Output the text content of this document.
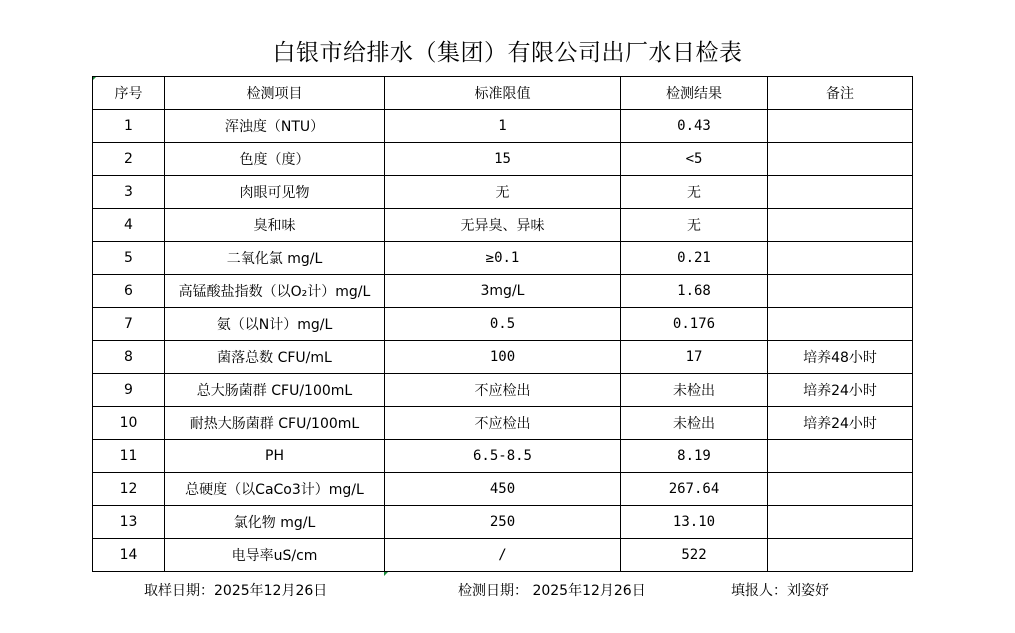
白银市给排水（集团）有限公司出厂水日检表
序号	检测项目	标准限值	检测结果	备注
1	浑浊度（NTU）	1	0.43	
2	色度（度）	15	<5	
3	肉眼可见物	无	无	
4	臭和味	无异臭、异味	无	
5	二氧化氯 mg/L	≥0.1	0.21	
6	高锰酸盐指数（以O₂计）mg/L	3mg/L	1.68	
7	氨（以N计）mg/L	0.5	0.176	
8	菌落总数 CFU/mL	100	17	培养48小时
9	总大肠菌群 CFU/100mL	不应检出	未检出	培养24小时
10	耐热大肠菌群 CFU/100mL	不应检出	未检出	培养24小时
11	PH	6.5-8.5	8.19	
12	总硬度（以CaCo3计）mg/L	450	267.64	
13	氯化物 mg/L	250	13.10	
14	电导率uS/cm	/	522	
取样日期：2025年12月26日	检测日期： 2025年12月26日	填报人：刘姿妤
